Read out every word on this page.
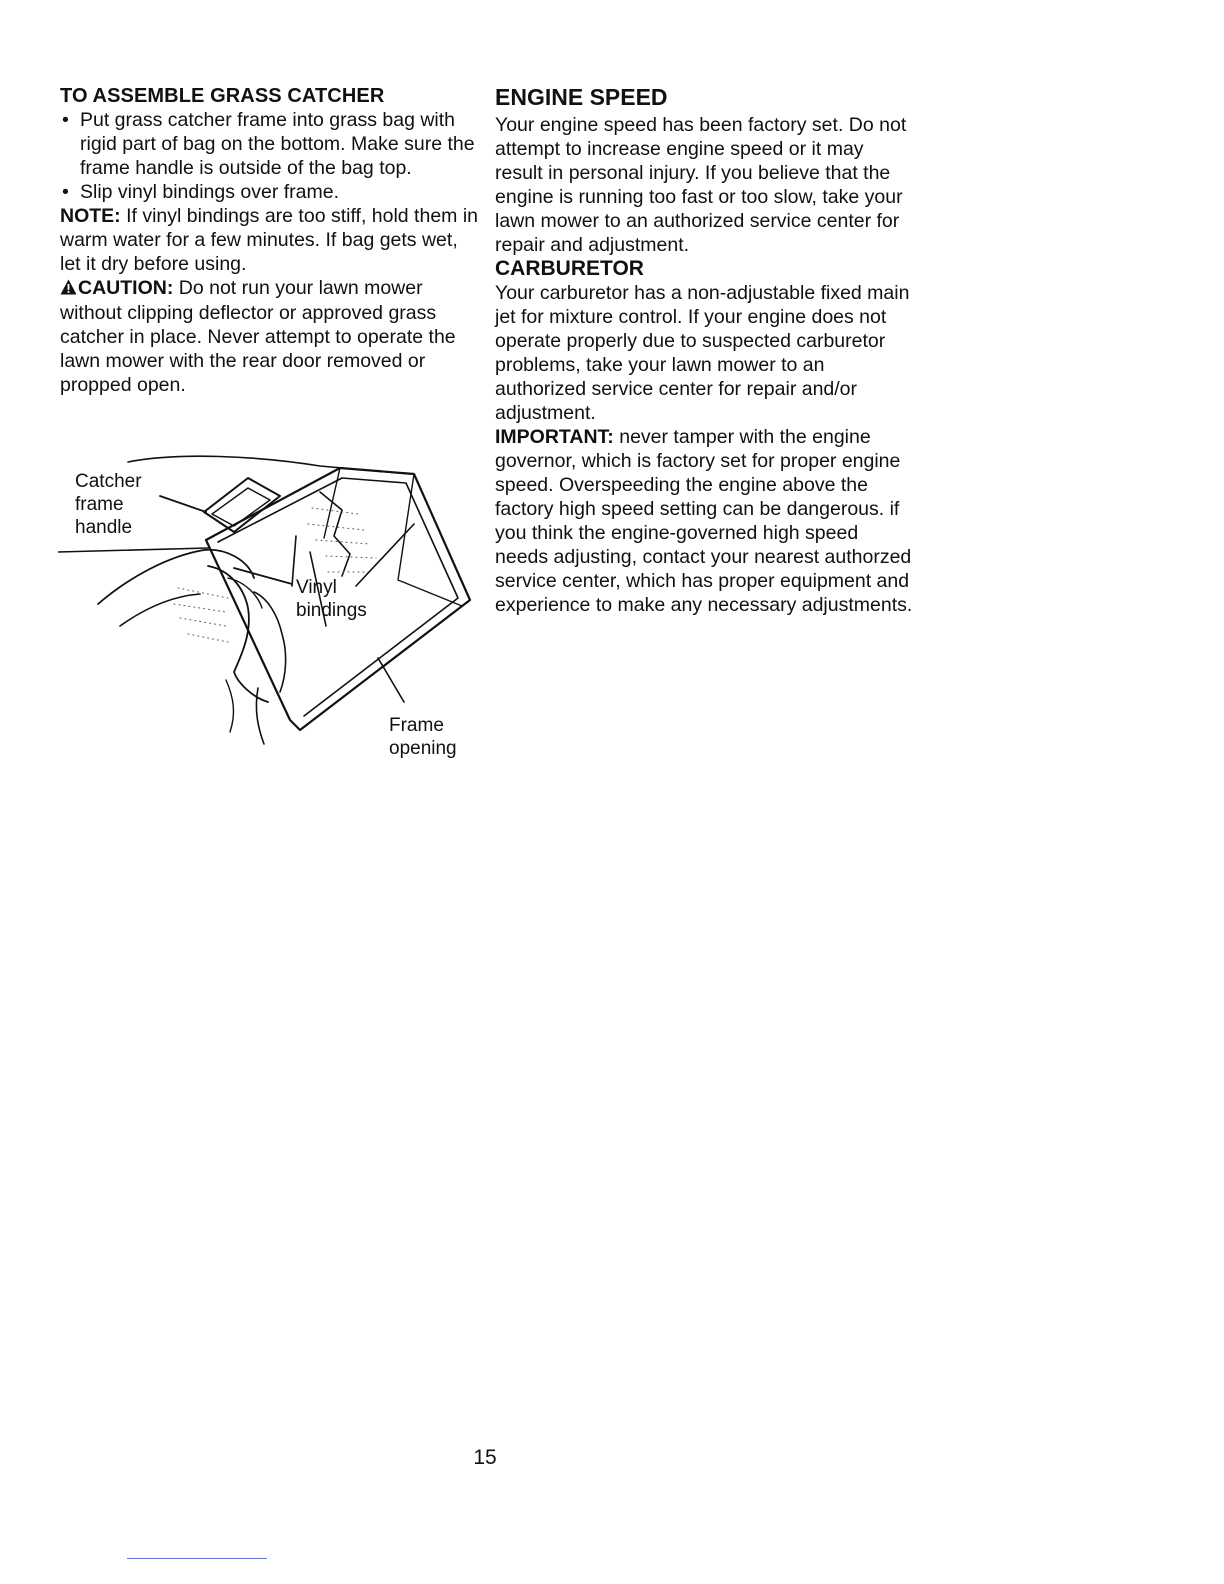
TO ASSEMBLE GRASS CATCHER
• Put grass catcher frame into grass bag with rigid part of bag on the bottom. Make sure the frame handle is outside of the bag top.
• Slip vinyl bindings over frame.

NOTE: If vinyl bindings are too stiff, hold them in warm water for a few minutes. If bag gets wet, let it dry before using.

CAUTION: Do not run your lawn mower without clipping deflector or approved grass catcher in place. Never attempt to operate the lawn mower with the rear door removed or propped open.

Catcher
frame
handle
Vinyl
bindings
Frame
opening
ENGINE SPEED

Your engine speed has been factory set. Do not attempt to increase engine speed or it may result in personal injury. If you believe that the engine is running too fast or too slow, take your lawn mower to an authorized service center for repair and adjustment.

CARBURETOR

Your carburetor has a non-adjustable fixed main jet for mixture control. If your engine does not operate properly due to suspected carburetor problems, take your lawn mower to an authorized service center for repair and/or adjustment.

IMPORTANT: never tamper with the engine governor, which is factory set for proper engine speed. Overspeeding the engine above the factory high speed setting can be dangerous. if you think the engine-governed high speed needs adjusting, contact your nearest authorzed service center, which has proper equipment and experience to make any necessary adjustments.

15
